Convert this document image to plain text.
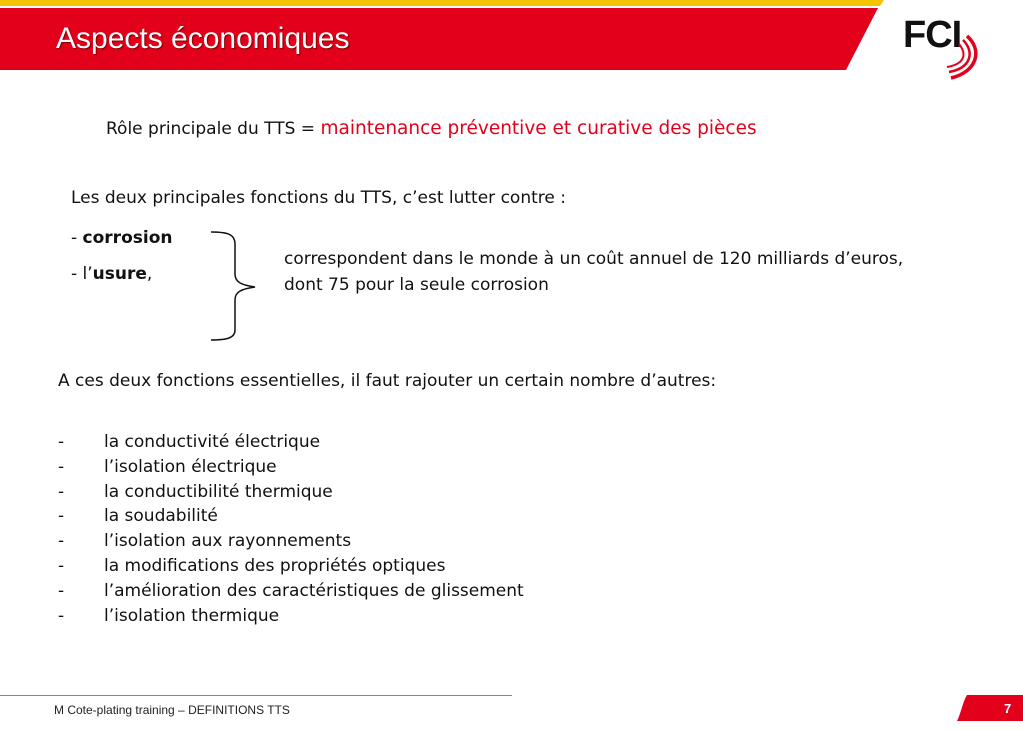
Aspects économiques	FCI
Rôle principale du TTS = maintenance préventive et curative des pièces
Les deux principales fonctions du TTS, c’est lutter contre :
- corrosion
- l’usure,
correspondent dans le monde à un coût annuel de 120 milliards d’euros,
dont 75 pour la seule corrosion
A ces deux fonctions essentielles, il faut rajouter un certain nombre d’autres:
- la conductivité électrique
- l’isolation électrique
- la conductibilité thermique
- la soudabilité
- l’isolation aux rayonnements
- la modifications des propriétés optiques
- l’amélioration des caractéristiques de glissement
- l’isolation thermique
M Cote-plating training – DEFINITIONS TTS	7
